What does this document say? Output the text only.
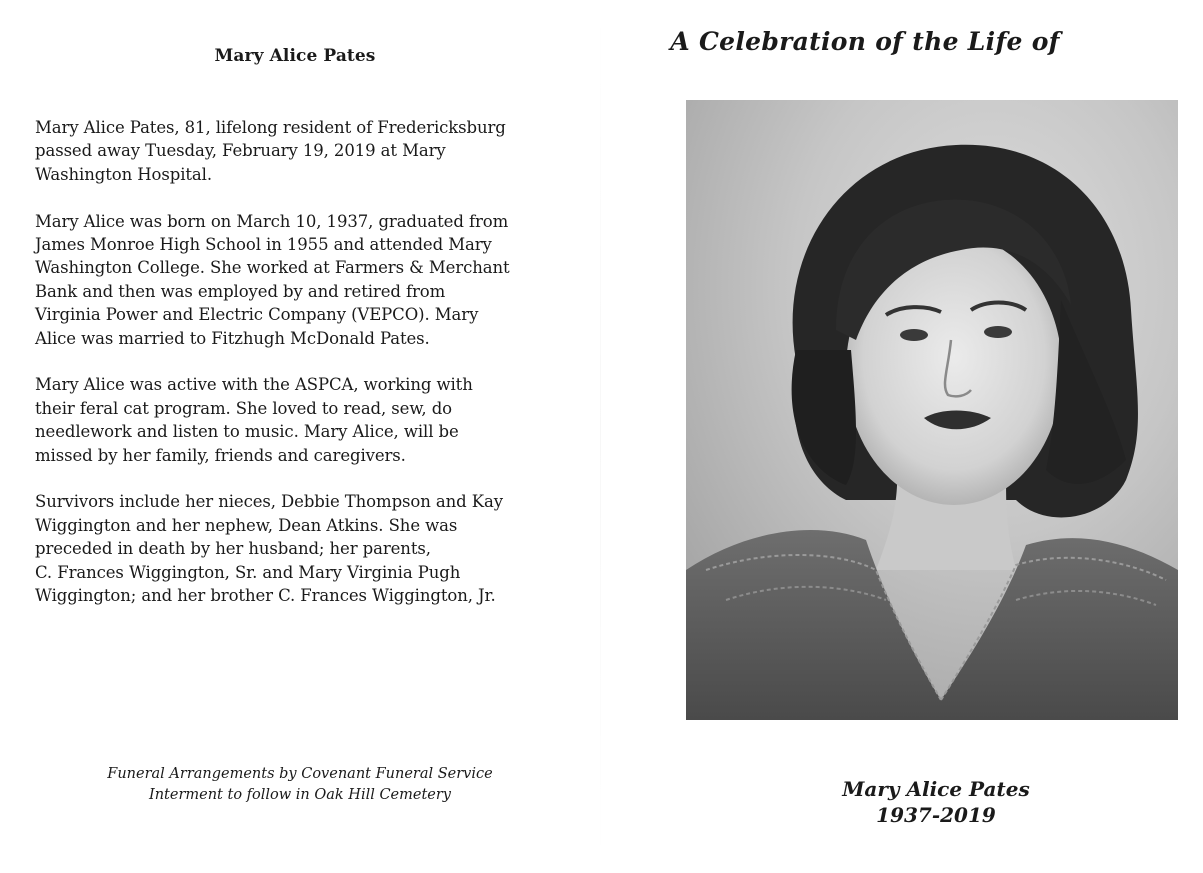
Mary Alice Pates

Mary Alice Pates, 81, lifelong resident of Fredericksburg
passed away Tuesday, February 19, 2019 at Mary
Washington Hospital.

Mary Alice was born on March 10, 1937, graduated from
James Monroe High School in 1955 and attended Mary
Washington College. She worked at Farmers & Merchant
Bank and then was employed by and retired from
Virginia Power and Electric Company (VEPCO). Mary
Alice was married to Fitzhugh McDonald Pates.

Mary Alice was active with the ASPCA, working with
their feral cat program. She loved to read, sew, do
needlework and listen to music. Mary Alice, will be
missed by her family, friends and caregivers.

Survivors include her nieces, Debbie Thompson and Kay
Wiggington and her nephew, Dean Atkins. She was
preceded in death by her husband; her parents,
C. Frances Wiggington, Sr. and Mary Virginia Pugh
Wiggington; and her brother C. Frances Wiggington, Jr.

Funeral Arrangements by Covenant Funeral Service
Interment to follow in Oak Hill Cemetery
A Celebration of the Life of
Mary Alice Pates
1937-2019
